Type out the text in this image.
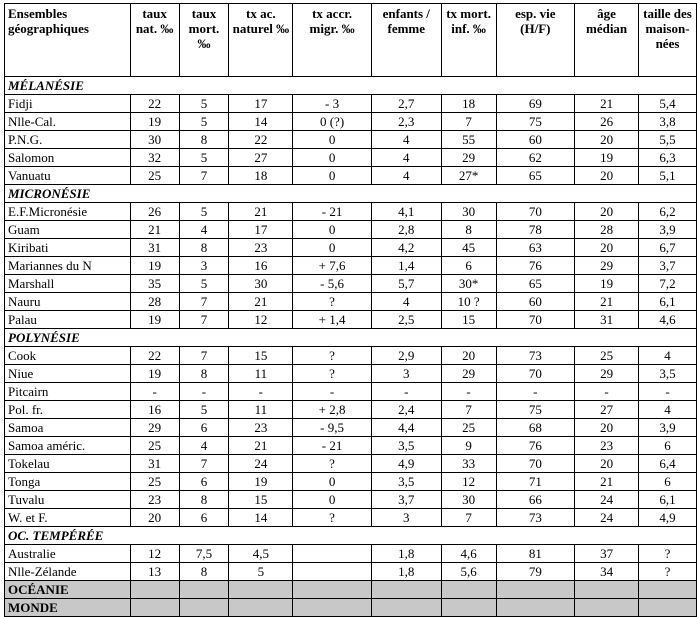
Ensembles géographiques	taux nat. ‰	taux mort. ‰	tx ac. naturel ‰	tx accr. migr. ‰	enfants / femme	tx mort. inf. ‰	esp. vie (H/F)	âge médian	taille des maison-nées
MÉLANÉSIE									
Fidji	22	5	17	- 3	2,7	18	69	21	5,4
Nlle-Cal.	19	5	14	0 (?)	2,3	7	75	26	3,8
P.N.G.	30	8	22	0	4	55	60	20	5,5
Salomon	32	5	27	0	4	29	62	19	6,3
Vanuatu	25	7	18	0	4	27*	65	20	5,1
MICRONÉSIE									
E.F.Micronésie	26	5	21	- 21	4,1	30	70	20	6,2
Guam	21	4	17	0	2,8	8	78	28	3,9
Kiribati	31	8	23	0	4,2	45	63	20	6,7
Mariannes du N	19	3	16	+ 7,6	1,4	6	76	29	3,7
Marshall	35	5	30	- 5,6	5,7	30*	65	19	7,2
Nauru	28	7	21	?	4	10 ?	60	21	6,1
Palau	19	7	12	+ 1,4	2,5	15	70	31	4,6
POLYNÉSIE									
Cook	22	7	15	?	2,9	20	73	25	4
Niue	19	8	11	?	3	29	70	29	3,5
Pitcairn	-	-	-	-	-	-	-	-	-
Pol. fr.	16	5	11	+ 2,8	2,4	7	75	27	4
Samoa	29	6	23	- 9,5	4,4	25	68	20	3,9
Samoa améric.	25	4	21	- 21	3,5	9	76	23	6
Tokelau	31	7	24	?	4,9	33	70	20	6,4
Tonga	25	6	19	0	3,5	12	71	21	6
Tuvalu	23	8	15	0	3,7	30	66	24	6,1
W. et F.	20	6	14	?	3	7	73	24	4,9
OC. TEMPÉRÉE									
Australie	12	7,5	4,5		1,8	4,6	81	37	?
Nlle-Zélande	13	8	5		1,8	5,6	79	34	?
OCÉANIE									
MONDE									
